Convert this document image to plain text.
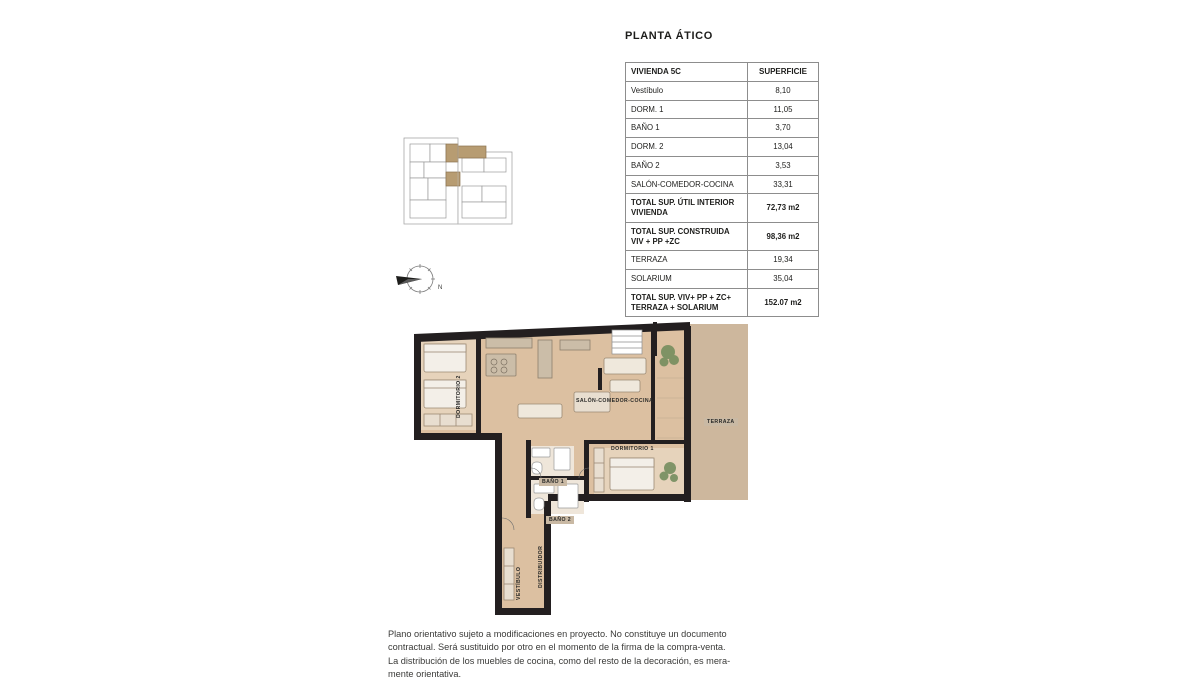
PLANTA ÁTICO
VIVIENDA 5C	SUPERFICIE
Vestíbulo	8,10
DORM. 1	11,05
BAÑO 1	3,70
DORM. 2	13,04
BAÑO 2	3,53
SALÓN-COMEDOR-COCINA	33,31
TOTAL SUP. ÚTIL INTERIOR VIVIENDA	72,73 m2
TOTAL SUP. CONSTRUIDA VIV + PP +ZC	98,36 m2
TERRAZA	19,34
SOLARIUM	35,04
TOTAL SUP. VIV+ PP + ZC+ TERRAZA + SOLARIUM	152.07 m2
N
DORMITORIO 2	SALÓN-COMEDOR-COCINA
TERRAZA
DORMITORIO 1
BAÑO 1
BAÑO 2
VESTÍBULO	DISTRIBUIDOR

Plano orientativo sujeto a modificaciones en proyecto. No constituye un documento

contractual. Será sustituido por otro en el momento de la firma de la compra-venta.

La distribución de los muebles de cocina, como del resto de la decoración, es mera-

mente orientativa.
